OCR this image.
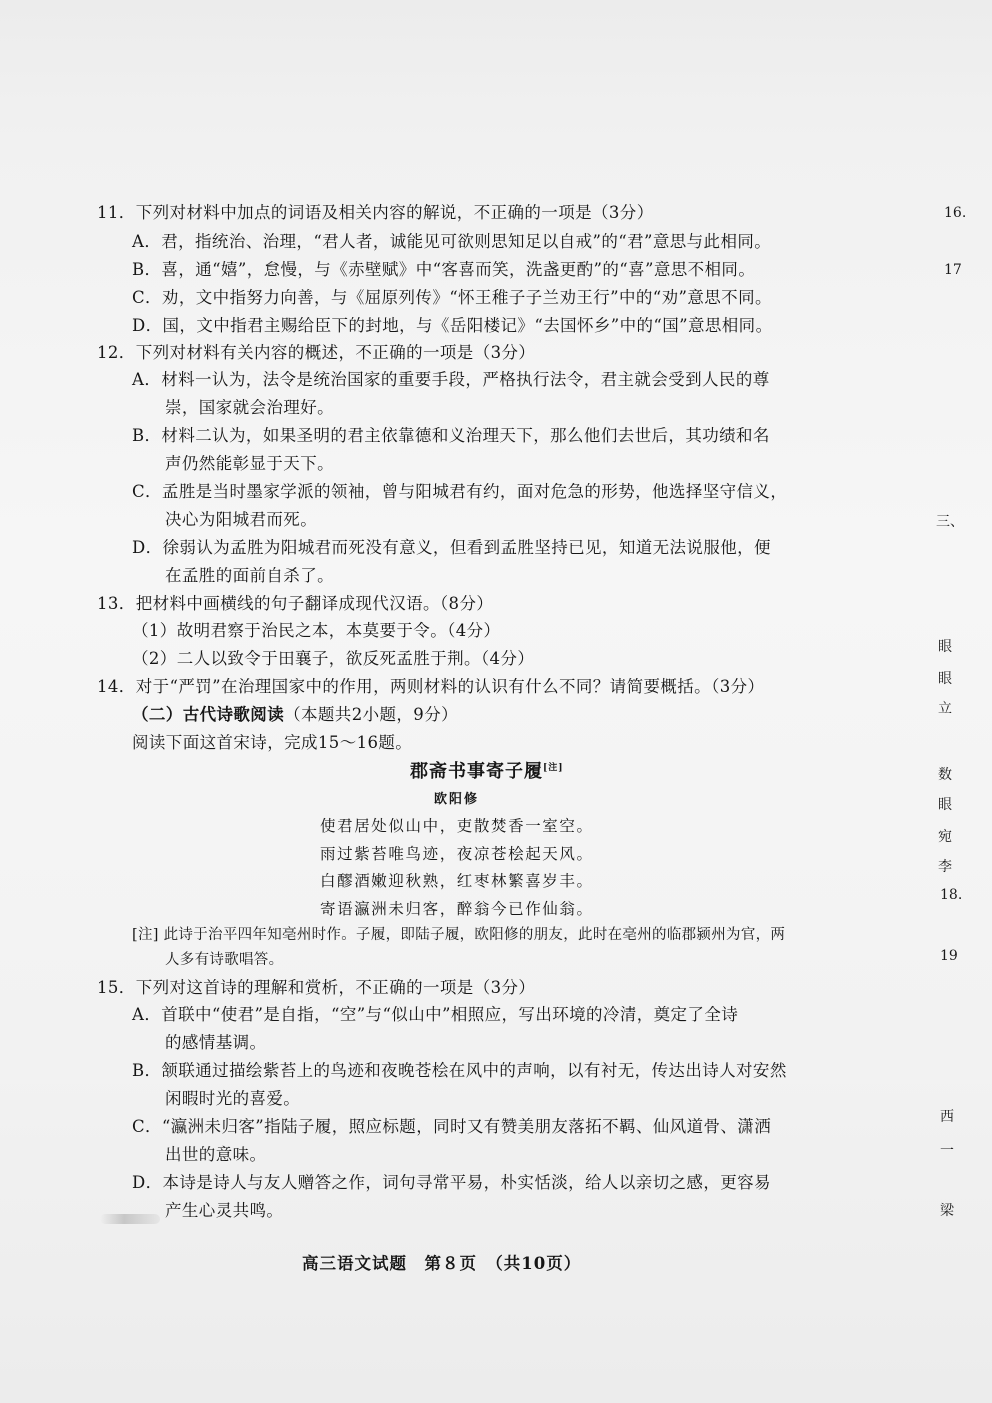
11．下列对材料中加点的词语及相关内容的解说，不正确的一项是（3分）
A．君，指统治、治理，“君人者，诚能见可欲则思知足以自戒”的“君”意思与此相同。
B．喜，通“嬉”，怠慢，与《赤壁赋》中“客喜而笑，洗盏更酌”的“喜”意思不相同。
C．劝，文中指努力向善，与《屈原列传》“怀王稚子子兰劝王行”中的“劝”意思不同。
D．国，文中指君主赐给臣下的封地，与《岳阳楼记》“去国怀乡”中的“国”意思相同。
12．下列对材料有关内容的概述，不正确的一项是（3分）
A．材料一认为，法令是统治国家的重要手段，严格执行法令，君主就会受到人民的尊
崇，国家就会治理好。
B．材料二认为，如果圣明的君主依靠德和义治理天下，那么他们去世后，其功绩和名
声仍然能彰显于天下。
C．孟胜是当时墨家学派的领袖，曾与阳城君有约，面对危急的形势，他选择坚守信义，
决心为阳城君而死。
D．徐弱认为孟胜为阳城君而死没有意义，但看到孟胜坚持已见，知道无法说服他，便
在孟胜的面前自杀了。
13．把材料中画横线的句子翻译成现代汉语。（8分）
（1）故明君察于治民之本，本莫要于令。（4分）
（2）二人以致令于田襄子，欲反死孟胜于荆。（4分）
14．对于“严罚”在治理国家中的作用，两则材料的认识有什么不同？请简要概括。（3分）
（二）古代诗歌阅读（本题共2小题，9分）
阅读下面这首宋诗，完成15～16题。
郡斋书事寄子履[注]
欧阳修
使君居处似山中，吏散焚香一室空。
雨过紫苔唯鸟迹，夜凉苍桧起天风。
白醪酒嫩迎秋熟，红枣林繁喜岁丰。
寄语瀛洲未归客，醉翁今已作仙翁。
[注] 此诗于治平四年知亳州时作。子履，即陆子履，欧阳修的朋友，此时在亳州的临郡颍州为官，两
人多有诗歌唱答。
15．下列对这首诗的理解和赏析，不正确的一项是（3分）
A．首联中“使君”是自指，“空”与“似山中”相照应，写出环境的冷清，奠定了全诗
的感情基调。
B．颔联通过描绘紫苔上的鸟迹和夜晚苍桧在风中的声响，以有衬无，传达出诗人对安然
闲暇时光的喜爱。
C．“瀛洲未归客”指陆子履，照应标题，同时又有赞美朋友落拓不羁、仙风道骨、潇洒
出世的意味。
D．本诗是诗人与友人赠答之作，词句寻常平易，朴实恬淡，给人以亲切之感，更容易
产生心灵共鸣。
高三语文试题　第８页　（共10页）
16.
17
三、
眼
眼
立
数
眼
宛
李
18.
19
西
一
梁
